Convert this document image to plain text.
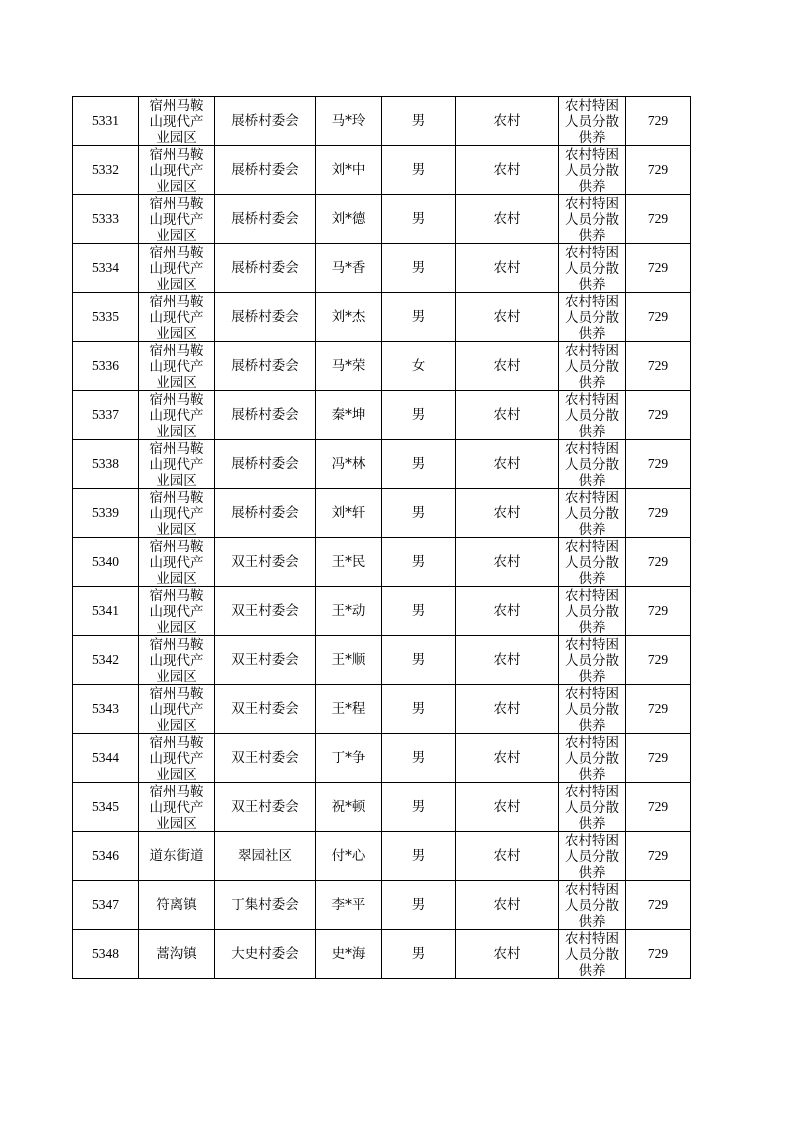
5331	宿州马鞍山现代产业园区	展桥村委会	马*玲	男	农村	农村特困人员分散供养	729
5332	宿州马鞍山现代产业园区	展桥村委会	刘*中	男	农村	农村特困人员分散供养	729
5333	宿州马鞍山现代产业园区	展桥村委会	刘*德	男	农村	农村特困人员分散供养	729
5334	宿州马鞍山现代产业园区	展桥村委会	马*香	男	农村	农村特困人员分散供养	729
5335	宿州马鞍山现代产业园区	展桥村委会	刘*杰	男	农村	农村特困人员分散供养	729
5336	宿州马鞍山现代产业园区	展桥村委会	马*荣	女	农村	农村特困人员分散供养	729
5337	宿州马鞍山现代产业园区	展桥村委会	秦*坤	男	农村	农村特困人员分散供养	729
5338	宿州马鞍山现代产业园区	展桥村委会	冯*林	男	农村	农村特困人员分散供养	729
5339	宿州马鞍山现代产业园区	展桥村委会	刘*轩	男	农村	农村特困人员分散供养	729
5340	宿州马鞍山现代产业园区	双王村委会	王*民	男	农村	农村特困人员分散供养	729
5341	宿州马鞍山现代产业园区	双王村委会	王*动	男	农村	农村特困人员分散供养	729
5342	宿州马鞍山现代产业园区	双王村委会	王*顺	男	农村	农村特困人员分散供养	729
5343	宿州马鞍山现代产业园区	双王村委会	王*程	男	农村	农村特困人员分散供养	729
5344	宿州马鞍山现代产业园区	双王村委会	丁*争	男	农村	农村特困人员分散供养	729
5345	宿州马鞍山现代产业园区	双王村委会	祝*顿	男	农村	农村特困人员分散供养	729
5346	道东街道	翠园社区	付*心	男	农村	农村特困人员分散供养	729
5347	符离镇	丁集村委会	李*平	男	农村	农村特困人员分散供养	729
5348	蒿沟镇	大史村委会	史*海	男	农村	农村特困人员分散供养	729
